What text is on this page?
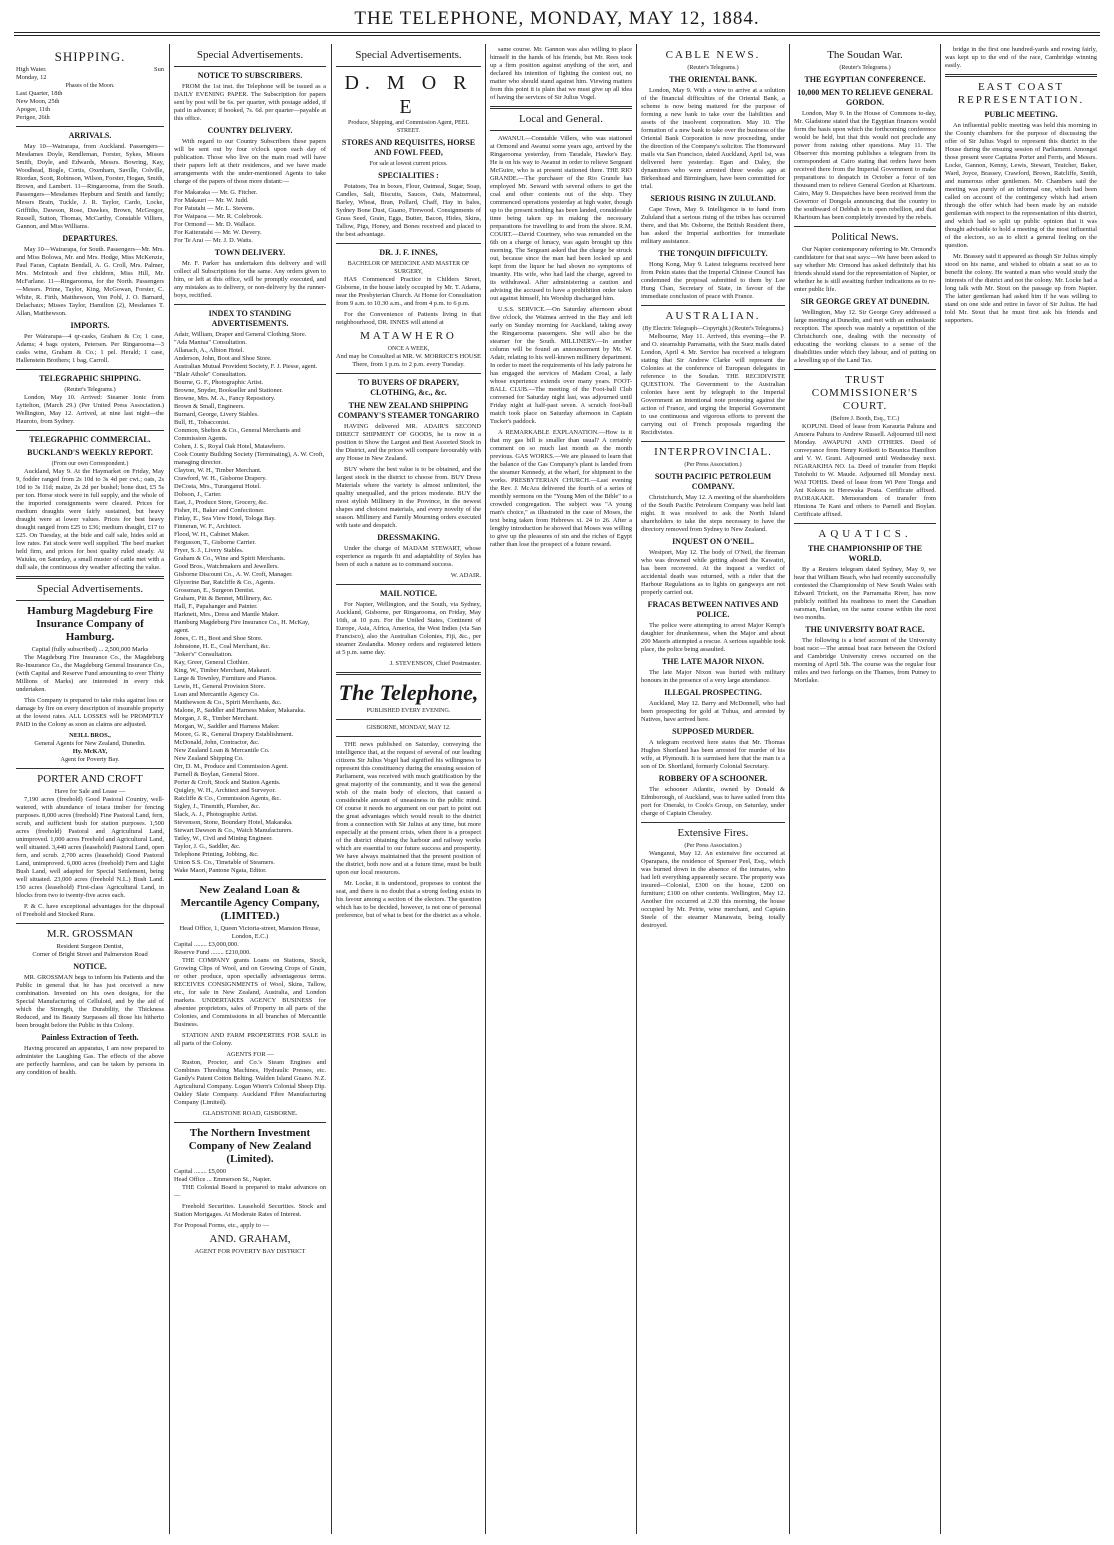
THE TELEPHONE, MONDAY, MAY 12, 1884.
SHIPPING.
High Water.	Sun
Monday, 12
Phases of the Moon.
Last Quarter, 18th
New Moon, 25th
Apogee, 11th
Perigee, 26th
ARRIVALS.

May 10—Wairarapa, from Auckland. Passengers—Mesdames Doyle, Rendleman, Forster, Sykes, Misses Smith, Doyle, and Edwards, Messrs. Bowring, Kay, Woodhead, Bogle, Cortis, Oxenham, Saville, Colville, Riordan, Scott, Robinson, Wilson, Forster, Hogan, Smith, Brown, and Lambert. 11—Ringarooma, from the South. Passengers—Mesdames Hepburn and Smith and family; Messrs Brain, Tuckle, J. R. Taylor, Cardo, Locke, Griffiths, Dawson, Rose, Dawkes, Brown, McGregor, Russell, Sutton, Thomas, McCarthy, Constable Villiers, Gannon, and Miss Williams.

DEPARTURES.

May 10—Wairarapa, for South. Passengers—Mr. Mrs. and Miss Bolowa, Mr. and Mrs. Hodge, Miss McKenzie, Paul Faran, Captain Bendall, A. G. Croll, Mrs. Palmer, Mrs. McIntosh and five children, Miss Hill, Mr. McFarlane. 11—Ringarooma, for the North. Passengers—Messrs. Prime, Taylor, King, McGowan, Forster, C. White, R. Firth, Matthewson, Von Pohl, J. O. Barnard, Delachaux; Misses Taylor, Hamilton (2), Mesdames T. Allan, Matthewson.

IMPORTS.

Per Wairarapa—4 qr-casks, Graham & Co; 1 case, Adams; 4 bags oysters, Petersen. Per Ringarooma—3 casks wine, Graham & Co.; 1 pel. Herald; 1 case, Hallenstein Brothers; 1 bag, Carroll.

TELEGRAPHIC SHIPPING.
(Reuter's Telegrams.)

London, May 10. Arrived: Steamer Ionic from Lyttelton, (March 29.) (Per United Press Association.) Wellington, May 12. Arrived, at nine last night—the Hauroto, from Sydney.

TELEGRAPHIC COMMERCIAL.
BUCKLAND'S WEEKLY REPORT.
(From our own Correspondent.)

Auckland, May 9. At the Haymarket on Friday, May 9, fodder ranged from 2s 10d to 3s 4d per cwt.; oats, 2s 10d to 3s 11d; maize, 2s 2d per bushel; bone dust, £5 5s per ton. Horse stock were in full supply, and the whole of the imported consignments were cleared. Prices for medium draughts were fairly sustained, but heavy draught were at lower values. Prices for best heavy draught ranged from £25 to £36; medium draught, £17 to £25. On Tuesday, at the bide and calf sale, hides sold at low rates. Fat stock were well supplied. The beef market held firm, and prices for best quality ruled steady. At Waiuku, on Saturday, a small muster of cattle met with a dull sale, the continuous dry weather affecting the value.

Special Advertisements.
Hamburg Magdeburg Fire Insurance Company of Hamburg.
Capital (fully subscribed) ... 2,500,000 Marks

The Magdeburg Fire Insurance Co., the Magdeburg Re-Insurance Co., the Magdeburg General Insurance Co., (with Capital and Reserve Fund amounting to over Thirty Millions of Marks) are interested in every risk undertaken.

This Company is prepared to take risks against loss or damage by fire on every description of insurable property at the lowest rates. ALL LOSSES will be PROMPTLY PAID in the Colony as soon as claims are adjusted.

NEILL BROS.,
General Agents for New Zealand, Dunedin.
Hy. McKAY,
Agent for Poverty Bay.
PORTER AND CROFT
Have for Sale and Lease —

7,190 acres (freehold) Good Pastoral Country, well-watered, with abundance of totara timber for fencing purposes. 8,000 acres (freehold) Fine Pastoral Land, fern, scrub, and sufficient bush for station purposes. 1,500 acres (freehold) Pastoral and Agricultural Land, unimproved. 1,000 acres Freehold and Agricultural Land, well situated. 3,440 acres (leasehold) Pastoral Land, open fern, and scrub. 2,700 acres (leasehold) Good Pastoral Land, unimproved. 6,000 acres (freehold) Fern and Light Bush Land, well adapted for Special Settlement, being well situated. 23,000 acres (freehold N.L.) Bush Land. 150 acres (leasehold) First-class Agricultural Land, in blocks from two to twenty-five acres each.

P. & C. have exceptional advantages for the disposal of Freehold and Stocked Runs.

M.R. GROSSMAN
Resident Surgeon Dentist,
Corner of Bright Street and Palmerston Road
NOTICE.

MR. GROSSMAN begs to inform his Patients and the Public in general that he has just received a new combination. Invented on his own designs, for the Special Manufacturing of Celluloid, and by the aid of which the Strength, the Durability, the Thickness Reduced, and its Beauty Surpasses all those his hitherto been brought before the Public in this Colony.

Painless Extraction of Teeth.

Having procured an apparatus, I am now prepared to administer the Laughing Gas. The effects of the above are perfectly harmless, and can be taken by persons in any condition of health.

Special Advertisements.
NOTICE TO SUBSCRIBERS.

FROM the 1st inst. the Telephone will be issued as a DAILY EVENING PAPER. The Subscription for papers sent by post will be 6s. per quarter, with postage added, if paid in advance; if booked, 7s. 6d. per quarter—payable at this office.

COUNTRY DELIVERY.

With regard to our Country Subscribers these papers will be sent out by four o'clock upon each day of publication. Those who live on the main road will have their papers left at their residences, and we have made arrangements with the under-mentioned Agents to take charge of the papers of those more distant:—

For Makaraka — Mr. G. Fitcher.
For Makauri — Mr. W. Judd.
For Patutahi — Mr. L. Stevens.
For Waipaoa — Mr. R. Colebrook.
For Ormond — Mr. D. Wallace.
For Kaiteratahi — Mr. W. Devery.
For Te Arai — Mr. J. D. Watts.
TOWN DELIVERY.

Mr. F. Parker has undertaken this delivery and will collect all Subscriptions for the same. Any orders given to him, or left at this office, will be promptly executed, and any mistakes as to delivery, or non-delivery by the runner-boys, rectified.

INDEX TO STANDING ADVERTISEMENTS.
Adair, William, Draper and General Clothing Store.
"Ada Mantua" Consultation.
Allanach, A., Albion Hotel.
Anderson, John, Boot and Shoe Store.
Australian Mutual Provident Society, F. J. Piesse, agent.
"Blair Athole" Consultation.
Bourne, G. F., Photographic Artist.
Browne, Snyder, Bookseller and Stationer.
Browne, Mrs. M. A., Fancy Repository.
Brown & Small, Engineers.
Burnard, George, Livery Stables.
Bull, H., Tobacconist.
Common, Shelton & Co., General Merchants and Commission Agents.
Cohen, J. S., Royal Oak Hotel, Matawhero.
Cook County Building Society (Terminating), A. W. Croft, managing director.
Clayton, W. H., Timber Merchant.
Crawford, W. H., Gisborne Drapery.
DeCosta, Mrs., Turanganui Hotel.
Dobson, J., Carter.
East, J., Produce Store, Grocery, &c.
Fisher, H., Baker and Confectioner.
Finlay, E., Sea View Hotel, Tologa Bay.
Finneran, W. F., Architect.
Flood, W. H., Cabinet Maker.
Fergusson, T., Gisborne Carrier.
Fryer, S. J., Livery Stables.
Graham & Co., Wine and Spirit Merchants.
Good Bros., Watchmakers and Jewellers.
Gisborne Discount Co., A. W. Croft, Manager.
Glycerine Bar, Ratcliffe & Co., Agents.
Grossman, E., Surgeon Dentist.
Graham, Pitt & Bennet, Millinery, &c.
Hall, F., Papahanger and Painter.
Harknett, Mrs., Dress and Mantle Maker.
Hamburg Magdeburg Fire Insurance Co., H. McKay, agent.
Jones, C. H., Boot and Shoe Store.
Johnstone, H. E., Coal Merchant, &c.
"Joker's" Consultation.
Kay, Greer, General Clothier.
King, W., Timber Merchant, Makauri.
Large & Townley, Furniture and Pianos.
Lewis, H., General Provision Store.
Loan and Mercantile Agency Co.
Matthewson & Co., Spirit Merchants, &c.
Malone, P., Saddler and Harness Maker, Makaraka.
Morgan, J. R., Timber Merchant.
Morgan, W., Saddler and Harness Maker.
Moore, G. R., General Drapery Establishment.
McDonald, John, Contractor, &c.
New Zealand Loan & Mercantile Co.
New Zealand Shipping Co.
Orr, D. M., Produce and Commission Agent.
Parnell & Boylan, General Store.
Porter & Croft, Stock and Station Agents.
Quigley, W. H., Architect and Surveyor.
Ratcliffe & Co., Commission Agents, &c.
Sigley, J., Tinsmith, Plumber, &c.
Slack, A. J., Photographic Artist.
Stevenson, Stone, Boundary Hotel, Makaraka.
Stewart Dawson & Co., Watch Manufacturers.
Tatley, W., Civil and Mining Engineer.
Taylor, J. G., Saddler, &c.
Telephone Printing, Jobbing, &c.
Union S.S. Co., Timetable of Steamers.
Wake Maori, Pantone Ngata, Editor.
New Zealand Loan & Mercantile Agency Company, (LIMITED.)
Head Office, 1, Queen Victoria-street, Mansion House, London, E.C.)
Capital ........ £3,000,000.
Reserve Fund ........ £210,000.

THE COMPANY grants Loans on Stations, Stock, Growing Clips of Wool, and on Growing Crops of Grain, or other produce, upon specially advantageous terms. RECEIVES CONSIGNMENTS of Wool, Skins, Tallow, etc., for sale in New Zealand, Australia, and London markets. UNDERTAKES AGENCY BUSINESS for absentee proprietors, sales of Property in all parts of the Colonies, and Commissions in all branches of Mercantile Business.

STATION AND FARM PROPERTIES FOR SALE in all parts of the Colony.

AGENTS FOR —

Ruston, Proctor, and Co.'s Steam Engines and Combines Threshing Machines, Hydraulic Presses, etc. Gandy's Patent Cotton Belting. Walden Island Guano. N.Z. Agricultural Company. Logan Wiern's Colonial Sheep Dip. Oakley Slate Company. Auckland Fibre Manufacturing Company (Limited).

GLADSTONE ROAD, GISBORNE.
The Northern Investment Company of New Zealand (Limited).
Capital ........ £5,000
Head Office ... Emmerson St., Napier.

THE Colonial Board is prepared to make advances on—

Freehold Securities. Leasehold Securities. Stock and Station Mortgages. At Moderate Rates of Interest.

For Proposal Forms, etc., apply to —
AND. GRAHAM,
AGENT FOR POVERTY BAY DISTRICT
Special Advertisements.
D. M O R E
Produce, Shipping, and Commission Agent, PEEL STREET.
STORES AND REQUISITES, HORSE AND FOWL FEED,
For sale at lowest current prices.
SPECIALITIES :

Potatoes, Tea in boxes, Flour, Oatmeal, Sugar, Soap, Candles, Salt, Biscuits, Sauces, Oats, Maizemeal, Barley, Wheat, Bran, Pollard, Chaff, Hay in bales, Sydney Bone Dust, Guano, Firewood. Consignments of Grass Seed, Grain, Eggs, Butter, Bacon, Hides, Skins, Tallow, Pigs, Honey, and Bones received and placed to the best advantage.

DR. J. F. INNES,
BACHELOR OF MEDICINE AND MASTER OF SURGERY,

HAS Commenced Practice in Childers Street, Gisborne, in the house lately occupied by Mr. T. Adams, near the Presbyterian Church. At Home for Consultation from 9 a.m. to 10.30 a.m., and from 4 p.m. to 6 p.m.

For the Convenience of Patients living in that neighbourhood, DR. INNES will attend at

MATAWHERO
ONCE A WEEK,
And may be Consulted at MR. W. MORRICE'S HOUSE
There, from 1 p.m. to 2 p.m. every Tuesday.
TO BUYERS OF DRAPERY, CLOTHING, &c., &c.
THE NEW ZEALAND SHIPPING COMPANY'S STEAMER TONGARIRO

HAVING delivered MR. ADAIR'S SECOND DIRECT SHIPMENT OF GOODS, he is now in a position to Show the Largest and Best Assorted Stock in the District, and the prices will compare favourably with any House in New Zealand.

BUY where the best value is to be obtained, and the largest stock in the district to choose from. BUY Dress Materials where the variety is almost unlimited, the quality unequalled, and the prices moderate. BUY the most stylish Millinery in the Province, in the newest shapes and choicest materials, and every novelty of the season. Millinery and Family Mourning orders executed with taste and despatch.

DRESSMAKING.

Under the charge of MADAM STEWART, whose experience as regards fit and adaptability of Styles has been of such a nature as to command success.

W. ADAIR.
MAIL NOTICE.

For Napier, Wellington, and the South, via Sydney, Auckland, Gisborne, per Ringarooma, on Friday, May 16th, at 10 p.m. For the Uniled States, Continent of Europe, Asia, Africa, America, the West Indies (via San Francisco), also the Australian Colonies, Fiji, &c., per steamer Zealandia. Money orders and registered letters at 5 p.m. same day.

J. STEVENSON, Chief Postmaster.
The Telephone,
PUBLISHED EVERY EVENING.
GISBORNE, MONDAY, MAY 12.

THE news published on Saturday, conveying the intelligence that, at the request of several of our leading citizens Sir Julius Vogel had signified his willingness to represent this constituency during the ensuing session of Parliament, was received with much gratification by the great majority of the community, and it was the general wish of the main body of electors, that caused a considerable amount of uneasiness in the public mind. Of course it needs no argument on our part to point out the great advantages which would result to the district from a connection with Sir Julius at any time, but more especially at the present crisis, when there is a prospect of the district obtaining the harbour and railway works which are essential to our future success and prosperity. We have always maintained that the present position of the district, both now and at a future time, must be built upon our local resources.

Mr. Locke, it is understood, proposes to contest the seat, and there is no doubt that a strong feeling exists in his favour among a section of the electors. The question which has to be decided, however, is not one of personal preference, but of what is best for the district as a whole.

same course. Mr. Gannon was also willing to place himself in the hands of his friends, but Mr. Rees took up a firm position against anything of the sort, and declared his intention of fighting the contest out, no matter who should stand against him. Viewing matters from this point it is plain that we must give up all idea of having the services of Sir Julius Vogel.

Local and General.

AWANUI.—Constable Villers, who was stationed at Ormond and Awanui some years ago, arrived by the Ringarooma yesterday, from Taradale, Hawke's Bay. He is on his way to Awanui in order to relieve Sergeant McGuire, who is at present stationed there. THE RIO GRANDE.—The purchaser of the Rio Grande has employed Mr. Seward with several others to get the coal and other contents out of the ship. They commenced operations yesterday at high water, though up to the present nothing has been landed, considerable time being taken up in making the necessary preparations for travelling to and from the shore. R.M. COURT.—David Courtney, who was remanded on the 6th on a charge of lunacy, was again brought up this morning. The Sergeant asked that the charge be struck out, because since the man had been locked up and kept from the liquor he had shown no symptoms of insanity. His wife, who had laid the charge, agreed to its withdrawal. After administering a caution and advising the accused to have a prohibition order taken out against himself, his Worship discharged him.

U.S.S. SERVICE.—On Saturday afternoon about five o'clock, the Waimea arrived in the Bay and left early on Sunday morning for Auckland, taking away the Ringarooma passengers. She will also be the steamer for the South. MILLINERY.—In another column will be found an announcement by Mr. W. Adair, relating to his well-known millinery department. In order to meet the requirements of his lady patrons he has engaged the services of Madam Croal, a lady whose experience extends over many years. FOOT-BALL CLUB.—The meeting of the Foot-ball Club convened for Saturday night last, was adjourned until Friday night at half-past seven. A scratch foot-ball match took place on Saturday afternoon in Captain Tucker's paddock.

A REMARKABLE EXPLANATION.—How is it that my gas bill is smaller than usual? A certainly comment on so much last month as the month previous. GAS WORKS.—We are pleased to learn that the balance of the Gas Company's plant is landed from the steamer Kennedy, at the wharf, for shipment to the works. PRESBYTERIAN CHURCH.—Last evening the Rev. J. McAra delivered the fourth of a series of monthly sermons on the "Young Men of the Bible" to a crowded congregation. The subject was "A young man's choice," as illustrated in the case of Moses, the text being taken from Hebrews xi. 24 to 26. After a lengthy introduction he showed that Moses was willing to give up the pleasures of sin and the riches of Egypt rather than lose the prospect of a future reward.

CABLE NEWS.
(Reuter's Telegrams.)
THE ORIENTAL BANK.

London, May 9. With a view to arrive at a solution of the financial difficulties of the Oriental Bank, a scheme is now being matured for the purpose of forming a new bank to take over the liabilities and assets of the insolvent corporation. May 10. The formation of a new bank to take over the business of the Oriental Bank Corporation is now proceeding, under the direction of the Company's solicitor. The Homeward mails via San Francisco, dated Auckland, April 1st, was delivered here yesterday. Egan and Daley, the dynamitors who were arrested three weeks ago at Birkenhead and Birmingham, have been committed for trial.

SERIOUS RISING IN ZULULAND.

Cape Town, May 9. Intelligence is to hand from Zululand that a serious rising of the tribes has occurred there, and that Mr. Osborne, the British Resident there, has asked the Imperial authorities for immediate military assistance.

THE TONQUIN DIFFICULTY.

Hong Kong, May 9. Latest telegrams received here from Pekin states that the Imperial Chinese Council has condemned the proposal submitted to them by Lee Hung Chan, Secretary of State, in favour of the immediate conclusion of peace with France.

AUSTRALIAN.
(By Electric Telegraph—Copyright.) (Reuter's Telegrams.)

Melbourne, May 11. Arrived, this evening—the P. and O. steamship Parramatta, with the Suez mails dated London, April 4. Mr. Service has received a telegram stating that Sir Andrew Clarke will represent the Colonies at the conference of European delegates in reference to the Soudan. THE RECIDIVISTE QUESTION. The Government to the Australian colonies have sent by telegraph to the Imperial Government an intentional note protesting against the action of France, and urging the Imperial Government to use continuous and vigorous efforts to prevent the carrying out of French proposals regarding the Recidivistes.

INTERPROVINCIAL.
(Per Press Association.)
SOUTH PACIFIC PETROLEUM COMPANY.

Christchurch, May 12. A meeting of the shareholders of the South Pacific Petroleum Company was held last night. It was resolved to ask the North Island shareholders to take the steps necessary to have the directory removed from Sydney to New Zealand.

INQUEST ON O'NEIL.

Westport, May 12. The body of O'Neil, the fireman who was drowned while getting aboard the Kawatiri, has been recovered. At the inquest a verdict of accidental death was returned, with a rider that the Harbour Regulations as to lights on gangways are not properly carried out.

FRACAS BETWEEN NATIVES AND POLICE.

The police were attempting to arrest Major Kemp's daughter for drunkenness, when the Major and about 200 Maoris attempted a rescue. A serious squabble took place, the police being assaulted.

THE LATE MAJOR NIXON.

The late Major Nixon was buried with military honours in the presence of a very large attendance.

ILLEGAL PROSPECTING.

Auckland, May 12. Barry and McDonnell, who had been prospecting for gold at Tuhua, and arrested by Natives, have arrived here.

SUPPOSED MURDER.

A telegram received here states that Mr. Thomas Hughes Shortland has been arrested for murder of his wife, at Plymouth. It is surmised here that the man is a son of Dr. Shortland, formerly Colonial Secretary.

ROBBERY OF A SCHOONER.

The schooner Atlantic, owned by Donald & Edmborough, of Auckland, was to have sailed from this port for Oneraki, to Cook's Group, on Saturday, under charge of Captain Chessley.

Extensive Fires.
(Per Press Association.)

Wanganui, May 12. An extensive fire occurred at Oparapara, the residence of Spenser Peel, Esq., which was burned down in the absence of the inmates, who had left everything apparently secure. The property was insured—Colonial, £300 on the house, £200 on furniture; £100 on other contents. Wellington, May 12. Another fire occurred at 2.30 this morning, the house occupied by Mr. Petrie, wine merchant, and Captain Steele of the steamer Manawatu, being totally destroyed.

The Soudan War.
(Reuter's Telegrams.)
THE EGYPTIAN CONFERENCE.
10,000 MEN TO RELIEVE GENERAL GORDON.

London, May 9. In the House of Commons to-day, Mr. Gladstone stated that the Egyptian finances would form the basis upon which the forthcoming conference would be held, but that this would not preclude any power from raising other questions. May 11. The Observer this morning publishes a telegram from its correspondent at Cairo stating that orders have been received there from the Imperial Government to make preparations to despatch in October a force of ten thousand men to relieve General Gordon at Khartoum. Cairo, May 9. Despatches have been received from the Governor of Dongola announcing that the country to the southward of Debbah is in open rebellion, and that Khartoum has been completely invested by the rebels.

Political News.

Our Napier contemporary referring to Mr. Ormond's candidature for that seat says:—We have been asked to say whether Mr. Ormond has asked definitely that his friends should stand for the representation of Napier, or whether he is still awaiting further indications as to re-enter public life.

SIR GEORGE GREY AT DUNEDIN.

Wellington, May 12. Sir George Grey addressed a large meeting at Dunedin, and met with an enthusiastic reception. The speech was mainly a repetition of the Christchurch one, dealing with the necessity of educating the working classes to a sense of the disabilities under which they labour, and of putting on a levelling up of the Land Tax.

TRUST COMMISSIONER'S COURT.
(Before J. Booth, Esq., T.C.)

KOPUNI. Deed of lease from Karauria Pahura and Amoera Pahura to Andrew Russell. Adjourned till next Monday. AWAPUNI AND OTHERS. Deed of conveyance from Henry Kotikoti to Bounica Hamilton and V. W. Grant. Adjourned until Wednesday next. NGARAKIHA NO. 1a. Deed of transfer from Hepiki Tutohohi to W. Maude. Adjourned till Monday next. WAI TOHIS. Deed of lease from Wi Pere Tonga and Ani Kokora to Herewaka Poata. Certificate affixed. PAORAKAKE. Memorandum of transfer from Himiona Te Kani and others to Parnell and Boylan. Certificate affixed.

AQUATICS.
THE CHAMPIONSHIP OF THE WORLD.

By a Reuters telegram dated Sydney, May 9, we hear that William Beach, who had recently successfully contested the Championship of New South Wales with Edward Trickett, on the Parramatta River, has now publicly notified his readiness to meet the Canadian oarsman, Hanlan, on the same course within the next two months.

THE UNIVERSITY BOAT RACE.

The following is a brief account of the University boat race:—The annual boat race between the Oxford and Cambridge University crews occurred on the morning of April 5th. The course was the regular four miles and two furlongs on the Thames, from Putney to Mortlake.

bridge in the first one hundred-yards and rowing fairly, was kept up to the end of the race, Cambridge winning easily.

EAST COAST REPRESENTATION.
PUBLIC MEETING.

An influential public meeting was held this morning in the County chambers for the purpose of discussing the offer of Sir Julius Vogel to represent this district in the House during the ensuing session of Parliament. Amongst those present were Captains Porter and Ferris, and Messrs. Locke, Gannon, Kenny, Lewis, Stewart, Teutcher, Baker, Ward, Joyce, Brassey, Crawford, Brown, Ratcliffe, Smith, and numerous other gentlemen. Mr. Chambers said the meeting was purely of an informal one, which had been called on account of the contingency which had arisen through the offer which had been made by an outside gentleman with respect to the representation of this district, and which had so split up public opinion that it was thought advisable to hold a meeting of the most influential of the electors, so as to elicit a general feeling on the question.

Mr. Brassey said it appeared as though Sir Julius simply stood on his name, and wished to obtain a seat so as to benefit the colony. He wanted a man who would study the interests of the district and not the colony. Mr. Locke had a long talk with Mr. Stout on the passage up from Napier. The latter gentleman had asked him if he was willing to stand on one side and retire in favor of Sir Julius. He had told Mr. Stout that he must first ask his friends and supporters.
